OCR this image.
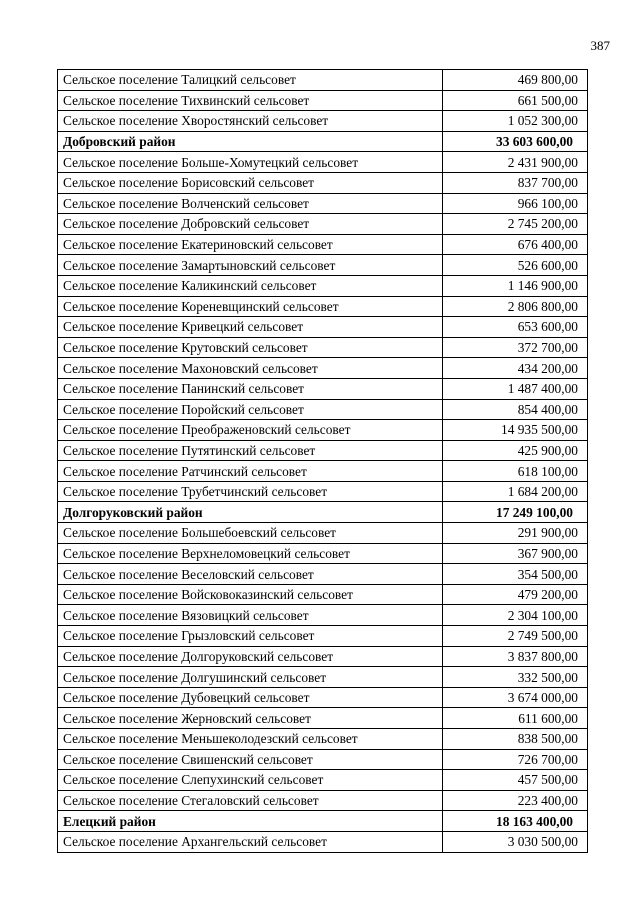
387
Сельское поселение Талицкий сельсовет	469 800,00
Сельское поселение Тихвинский сельсовет	661 500,00
Сельское поселение Хворостянский сельсовет	1 052 300,00
Добровский район	33 603 600,00
Сельское поселение Больше-Хомутецкий сельсовет	2 431 900,00
Сельское поселение Борисовский сельсовет	837 700,00
Сельское поселение Волченский сельсовет	966 100,00
Сельское поселение Добровский сельсовет	2 745 200,00
Сельское поселение Екатериновский сельсовет	676 400,00
Сельское поселение Замартыновский сельсовет	526 600,00
Сельское поселение Каликинский сельсовет	1 146 900,00
Сельское поселение Кореневщинский сельсовет	2 806 800,00
Сельское поселение Кривецкий сельсовет	653 600,00
Сельское поселение Крутовский сельсовет	372 700,00
Сельское поселение Махоновский сельсовет	434 200,00
Сельское поселение Панинский сельсовет	1 487 400,00
Сельское поселение Поройский сельсовет	854 400,00
Сельское поселение Преображеновский сельсовет	14 935 500,00
Сельское поселение Путятинский сельсовет	425 900,00
Сельское поселение Ратчинский сельсовет	618 100,00
Сельское поселение Трубетчинский сельсовет	1 684 200,00
Долгоруковский район	17 249 100,00
Сельское поселение Большебоевский сельсовет	291 900,00
Сельское поселение Верхнеломовецкий сельсовет	367 900,00
Сельское поселение Веселовский сельсовет	354 500,00
Сельское поселение Войсковоказинский сельсовет	479 200,00
Сельское поселение Вязовицкий сельсовет	2 304 100,00
Сельское поселение Грызловский сельсовет	2 749 500,00
Сельское поселение Долгоруковский сельсовет	3 837 800,00
Сельское поселение Долгушинский сельсовет	332 500,00
Сельское поселение Дубовецкий сельсовет	3 674 000,00
Сельское поселение Жерновский сельсовет	611 600,00
Сельское поселение Меньшеколодезский сельсовет	838 500,00
Сельское поселение Свишенский сельсовет	726 700,00
Сельское поселение Слепухинский сельсовет	457 500,00
Сельское поселение Стегаловский сельсовет	223 400,00
Елецкий район	18 163 400,00
Сельское поселение Архангельский сельсовет	3 030 500,00
